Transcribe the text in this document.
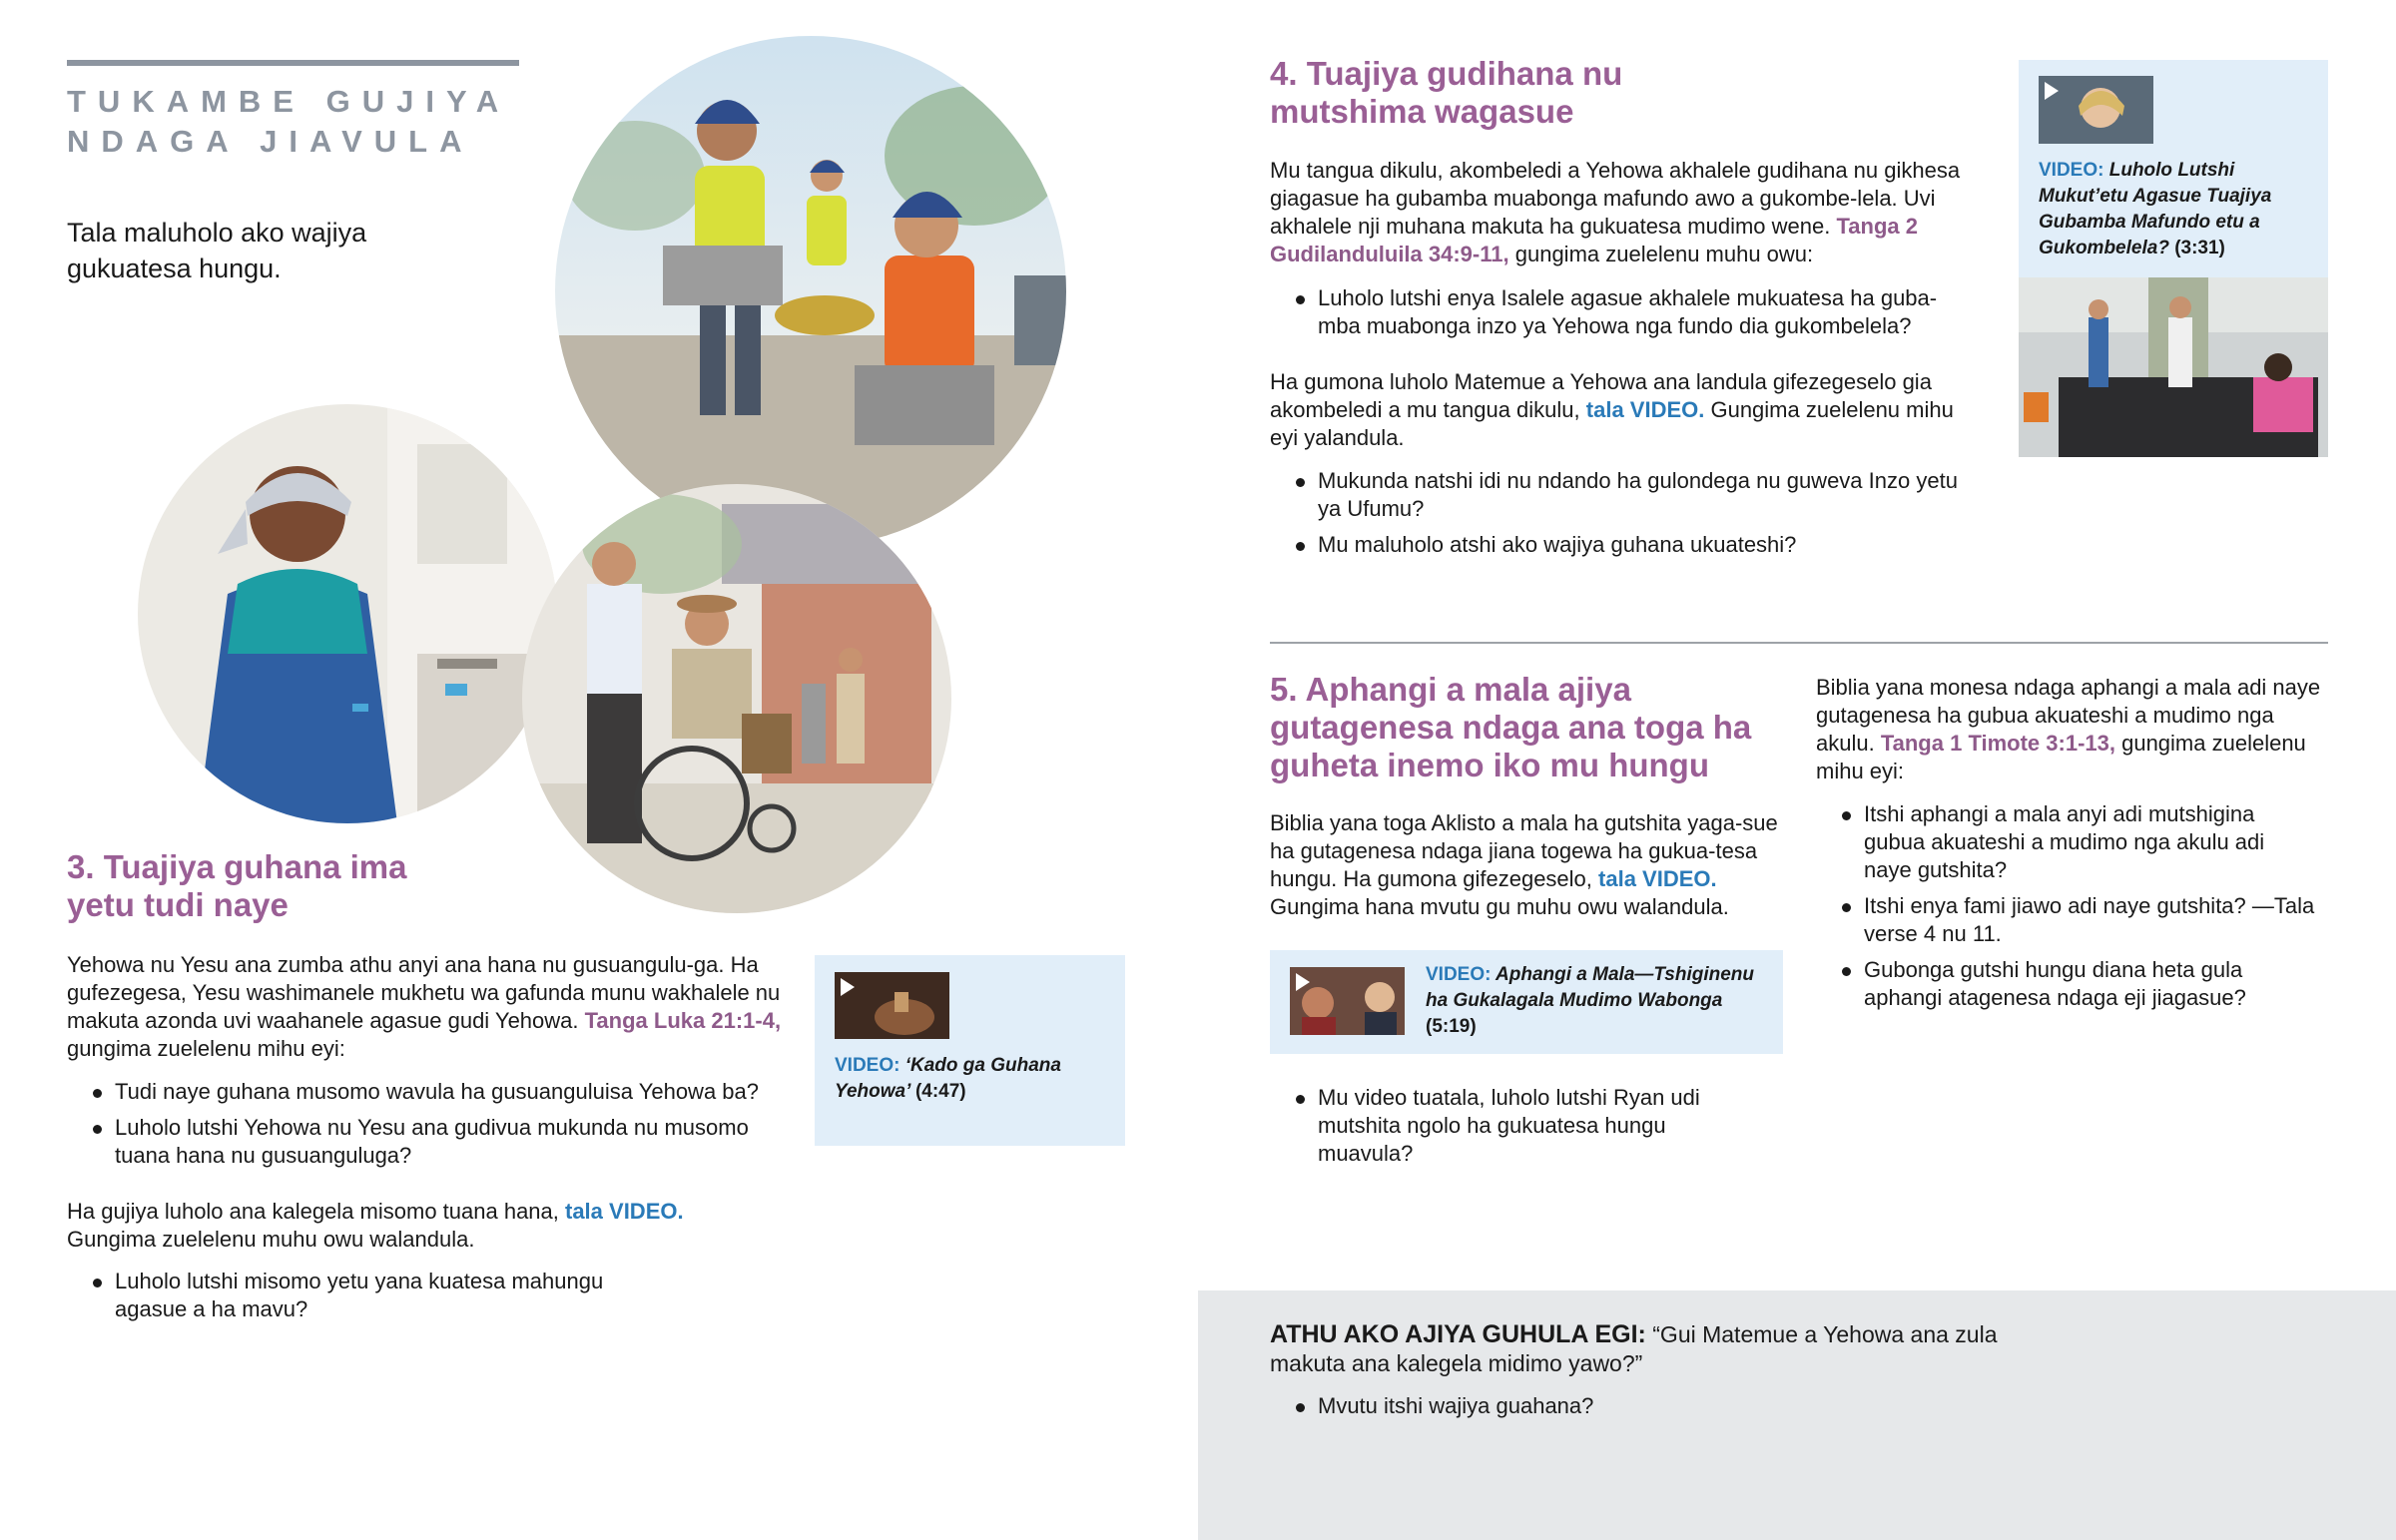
TUKAMBE GUJIYA
NDAGA JIAVULA

Tala maluholo ako wajiya gukuatesa hungu.

3. Tuajiya guhana ima
yetu tudi naye

Yehowa nu Yesu ana zumba athu anyi ana hana nu gusuangulu-ga. Ha gufezegesa, Yesu washimanele mukhetu wa gafunda munu wakhalele nu makuta azonda uvi waahanele agasue gudi Yehowa. Tanga Luka 21:1-4, gungima zuelelenu mihu eyi:

Tudi naye guhana musomo wavula ha gusuanguluisa Yehowa ba?
Luholo lutshi Yehowa nu Yesu ana gudivua mukunda nu musomo tuana hana nu gusuanguluga?

Ha gujiya luholo ana kalegela misomo tuana hana, tala VIDEO.
Gungima zuelelenu muhu owu walandula.

Luholo lutshi misomo yetu yana kuatesa mahungu agasue a ha mavu?
VIDEO: ‘Kado ga Guhana Yehowa’ (4:47)
4. Tuajiya gudihana nu
mutshima wagasue

Mu tangua dikulu, akombeledi a Yehowa akhalele gudihana nu gikhesa giagasue ha gubamba muabonga mafundo awo a gukombe-lela. Uvi akhalele nji muhana makuta ha gukuatesa mudimo wene. Tanga 2 Gudilanduluila 34:9-11, gungima zuelelenu muhu owu:

Luholo lutshi enya Isalele agasue akhalele mukuatesa ha guba-mba muabonga inzo ya Yehowa nga fundo dia gukombelela?

Ha gumona luholo Matemue a Yehowa ana landula gifezegeselo gia akombeledi a mu tangua dikulu, tala VIDEO. Gungima zuelelenu mihu eyi yalandula.

Mukunda natshi idi nu ndando ha gulondega nu guweva Inzo yetu ya Ufumu?
Mu maluholo atshi ako wajiya guhana ukuateshi?
VIDEO: Luholo Lutshi Mukut’etu Agasue Tuajiya Gubamba Mafundo etu a Gukombelela? (3:31)
5. Aphangi a mala ajiya
gutagenesa ndaga ana toga ha
guheta inemo iko mu hungu

Biblia yana toga Aklisto a mala ha gutshita yaga-sue ha gutagenesa ndaga jiana togewa ha gukua-tesa hungu. Ha gumona gifezegeselo, tala VIDEO.
Gungima hana mvutu gu muhu owu walandula.

VIDEO: Aphangi a Mala—Tshiginenu ha Gukalagala Mudimo Wabonga (5:19)
Mu video tuatala, luholo lutshi Ryan udi mutshita ngolo ha gukuatesa hungu muavula?

Biblia yana monesa ndaga aphangi a mala adi naye gutagenesa ha gubua akuateshi a mudimo nga akulu. Tanga 1 Timote 3:1-13, gungima zuelelenu mihu eyi:

Itshi aphangi a mala anyi adi mutshigina gubua akuateshi a mudimo nga akulu adi naye gutshita?
Itshi enya fami jiawo adi naye gutshita? —Tala verse 4 nu 11.
Gubonga gutshi hungu diana heta gula aphangi atagenesa ndaga eji jiagasue?

ATHU AKO AJIYA GUHULA EGI: “Gui Matemue a Yehowa ana zula makuta ana kalegela midimo yawo?”

Mvutu itshi wajiya guahana?
